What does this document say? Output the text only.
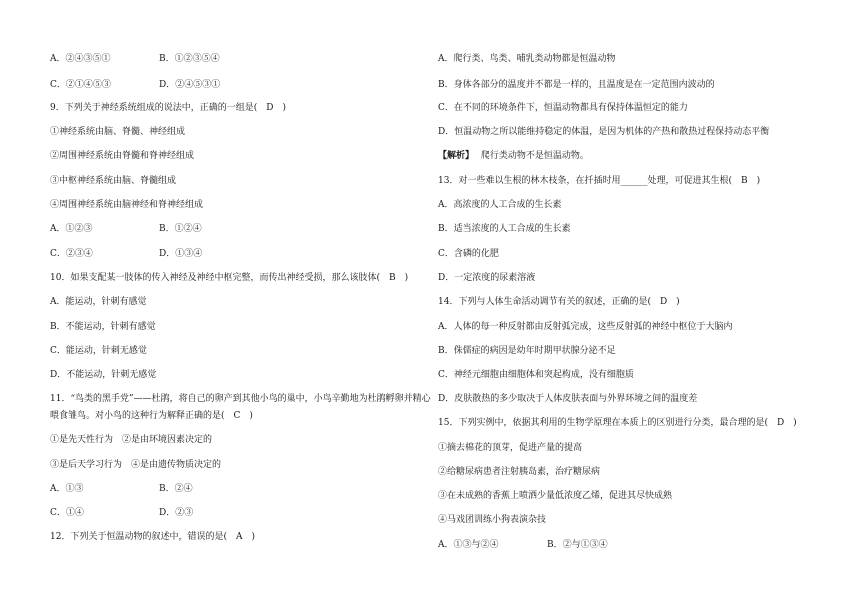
A．②④③⑤①	B．①②③⑤④
C．②①④⑤③	D．②④⑤③①
9．下列关于神经系统组成的说法中，正确的一组是(　D　)
①神经系统由脑、脊髓、神经组成
②周围神经系统由脊髓和脊神经组成
③中枢神经系统由脑、脊髓组成
④周围神经系统由脑神经和脊神经组成
A．①②③	B．①②④
C．②③④	D．①③④
10．如果支配某一肢体的传入神经及神经中枢完整，而传出神经受损，那么该肢体(　B　)
A．能运动，针刺有感觉
B．不能运动，针刺有感觉
C．能运动，针刺无感觉
D．不能运动，针刺无感觉
11．“鸟类的黑手党”——杜鹃，将自己的卵产到其他小鸟的巢中，小鸟辛勤地为杜鹃孵卵并精心
喂食雏鸟。对小鸟的这种行为解释正确的是(　C　)
①是先天性行为　②是由环境因素决定的
③是后天学习行为　④是由遗传物质决定的
A．①③	B．②④
C．①④	D．②③
12．下列关于恒温动物的叙述中，错误的是(　A　)
A．爬行类、鸟类、哺乳类动物都是恒温动物
B．身体各部分的温度并不都是一样的，且温度是在一定范围内波动的
C．在不同的环境条件下，恒温动物都具有保持体温恒定的能力
D．恒温动物之所以能维持稳定的体温，是因为机体的产热和散热过程保持动态平衡
【解析】 爬行类动物不是恒温动物。
13．对一些难以生根的林木枝条，在扦插时用______处理，可促进其生根(　B　)
A．高浓度的人工合成的生长素
B．适当浓度的人工合成的生长素
C．含磷的化肥
D．一定浓度的尿素溶液
14．下列与人体生命活动调节有关的叙述，正确的是(　D　)
A．人体的每一种反射都由反射弧完成，这些反射弧的神经中枢位于大脑内
B．侏儒症的病因是幼年时期甲状腺分泌不足
C．神经元细胞由细胞体和突起构成，没有细胞质
D．皮肤散热的多少取决于人体皮肤表面与外界环境之间的温度差
15．下列实例中，依据其利用的生物学原理在本质上的区别进行分类，最合理的是(　D　)
①摘去棉花的顶芽，促进产量的提高
②给糖尿病患者注射胰岛素，治疗糖尿病
③在未成熟的香蕉上喷洒少量低浓度乙烯，促进其尽快成熟
④马戏团训练小狗表演杂技
A．①③与②④	B．②与①③④
